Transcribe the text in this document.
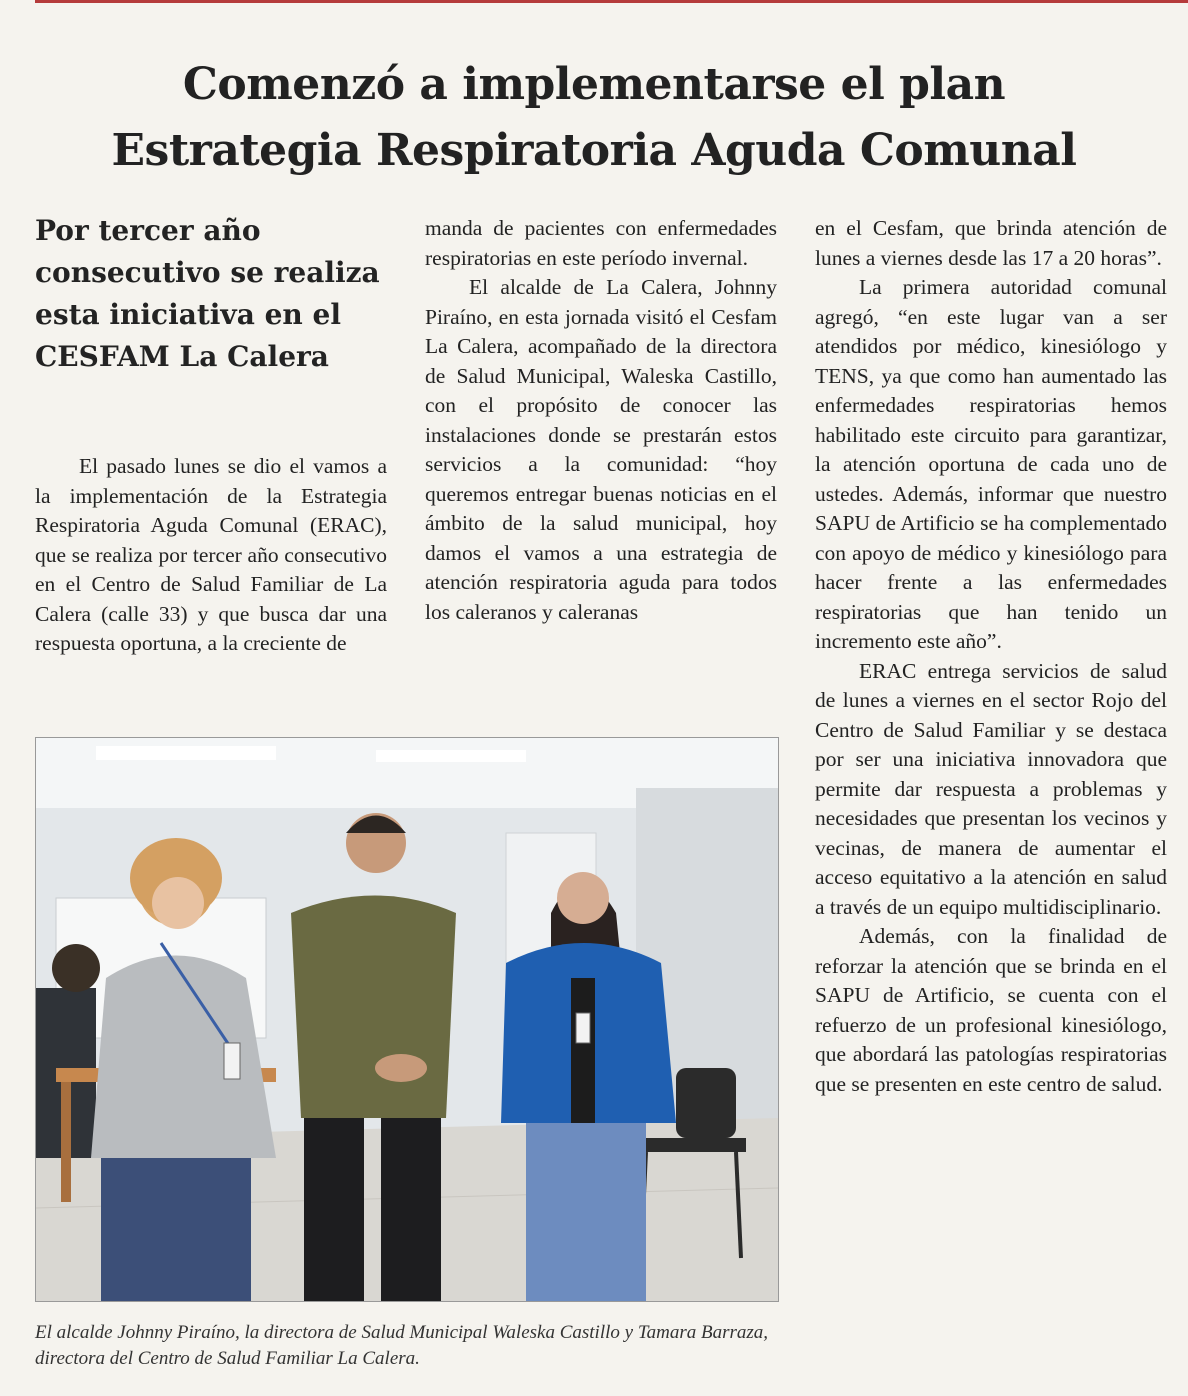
Comenzó a implementarse el plan
Estrategia Respiratoria Aguda Comunal
Por tercer año consecutivo se realiza esta iniciativa en el CESFAM La Calera

El pasado lunes se dio el vamos a la implementación de la Estrategia Respiratoria Aguda Comunal (ERAC), que se realiza por tercer año consecutivo en el Centro de Salud Familiar de La Calera (calle 33) y que busca dar una respuesta oportuna, a la creciente de

manda de pacientes con enfermedades respiratorias en este período invernal.

El alcalde de La Calera, Johnny Piraíno, en esta jornada visitó el Cesfam La Calera, acompañado de la directora de Salud Municipal, Waleska Castillo, con el propósito de conocer las instalaciones donde se prestarán estos servicios a la comunidad: “hoy queremos entregar buenas noticias en el ámbito de la salud municipal, hoy damos el vamos a una estrategia de atención respiratoria aguda para todos los caleranos y caleranas

en el Cesfam, que brinda atención de lunes a viernes desde las 17 a 20 horas”.

La primera autoridad comunal agregó, “en este lugar van a ser atendidos por médico, kinesiólogo y TENS, ya que como han aumentado las enfermedades respiratorias hemos habilitado este circuito para garantizar, la atención oportuna de cada uno de ustedes. Además, informar que nuestro SAPU de Artificio se ha complementado con apoyo de médico y kinesiólogo para hacer frente a las enfermedades respiratorias que han tenido un incremento este año”.

ERAC entrega servicios de salud de lunes a viernes en el sector Rojo del Centro de Salud Familiar y se destaca por ser una iniciativa innovadora que permite dar respuesta a problemas y necesidades que presentan los vecinos y vecinas, de manera de aumentar el acceso equitativo a la atención en salud a través de un equipo multidisciplinario.

Además, con la finalidad de reforzar la atención que se brinda en el SAPU de Artificio, se cuenta con el refuerzo de un profesional kinesiólogo, que abordará las patologías respiratorias que se presenten en este centro de salud.

El alcalde Johnny Piraíno, la directora de Salud Municipal Waleska Castillo y Tamara Barraza, directora del Centro de Salud Familiar La Calera.
